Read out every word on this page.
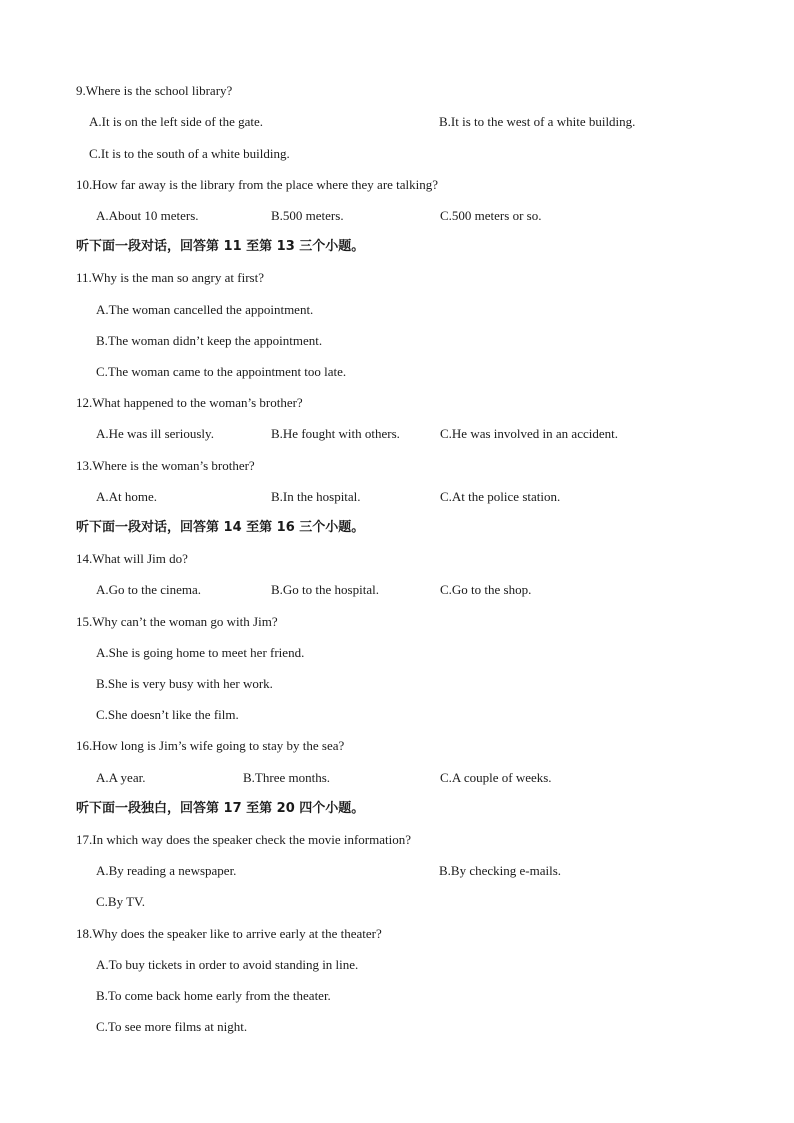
9.Where is the school library?
A.It is on the left side of the gate.	B.It is to the west of a white building.
C.It is to the south of a white building.
10.How far away is the library from the place where they are talking?
A.About 10 meters.	B.500 meters.	C.500 meters or so.
听下面一段对话，回答第 11 至第 13 三个小题。
11.Why is the man so angry at first?
A.The woman cancelled the appointment.
B.The woman didn’t keep the appointment.
C.The woman came to the appointment too late.
12.What happened to the woman’s brother?
A.He was ill seriously.	B.He fought with others.	C.He was involved in an accident.
13.Where is the woman’s brother?
A.At home.	B.In the hospital.	C.At the police station.
听下面一段对话，回答第 14 至第 16 三个小题。
14.What will Jim do?
A.Go to the cinema.	B.Go to the hospital.	C.Go to the shop.
15.Why can’t the woman go with Jim?
A.She is going home to meet her friend.
B.She is very busy with her work.
C.She doesn’t like the film.
16.How long is Jim’s wife going to stay by the sea?
A.A year.	B.Three months.	C.A couple of weeks.
听下面一段独白，回答第 17 至第 20 四个小题。
17.In which way does the speaker check the movie information?
A.By reading a newspaper.	B.By checking e-mails.
C.By TV.
18.Why does the speaker like to arrive early at the theater?
A.To buy tickets in order to avoid standing in line.
B.To come back home early from the theater.
C.To see more films at night.
